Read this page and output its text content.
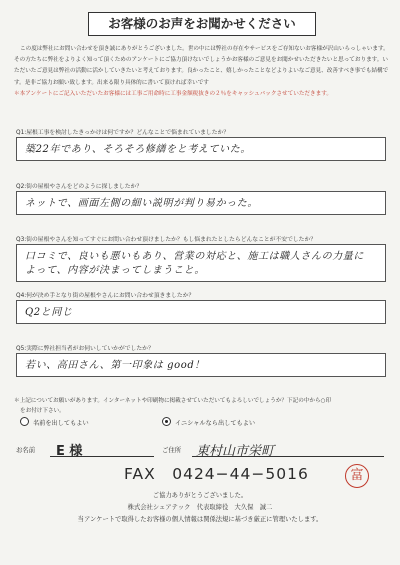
お客様のお声をお聞かせください

この度は弊社にお問い合わせを頂き誠にありがとうございました。世の中には弊社の存在やサービスをご存知ないお客様が沢山いらっしゃいます。その方たちに弊社をよりよく知って頂くためのアンケートにご協力頂けないでしょうかお客様のご意見をお聞かせいただきたいと思っております。いただいたご意見は弊社の活動に活かしていきたいと考えております。良かったこと、嬉しかったことなどよりよいなご意見、改善すべき事でも結構です。是非ご協力お願い致します。出来る限り具体的に書いて頂ければ幸いです

＊本アンケートにご記入いただいたお客様には工事ご用命時に工事金額税抜きの２％をキャッシュバックさせていただきます。

Q1:屋根工事を検討したきっかけは何ですか？どんなことで悩まれていましたか？
築22年であり、そろそろ修繕をと考えていた。
Q2:街の屋根やさんをどのように探しましたか？
ネットで、画面左側の細い説明が判り易かった。
Q3:街の屋根やさんを知ってすぐにお問い合わせ頂けましたか？もし悩まれたとしたらどんなことが不安でしたか？
口コミで、良いも悪いもあり、営業の対応と、施工は職人さんの力量に
よって、内容が決まってしまうこと。
Q4:何が決め手となり街の屋根やさんにお問い合わせ頂きましたか？
Q2と同じ
Q5:実際に弊社担当者がお伺いしていかがでしたか？
若い、高田さん、第一印象は good！
＊上記についてお願いがあります。インターネットや印刷物に掲載させていただいてもよろしいでしょうか？下記の中から○印
をお付け下さい。
名前を出してもよい	イニシャルなら出してもよい
お名前 E 様	ご住所 東村山市栄町
FAX　0424−44−5016	富
ご協力ありがとうございました。
株式会社シェアテック　代表取締役　大久保　誠二
当アンケートで取得したお客様の個人情報は関係法規に基づき厳正に管理いたします。
